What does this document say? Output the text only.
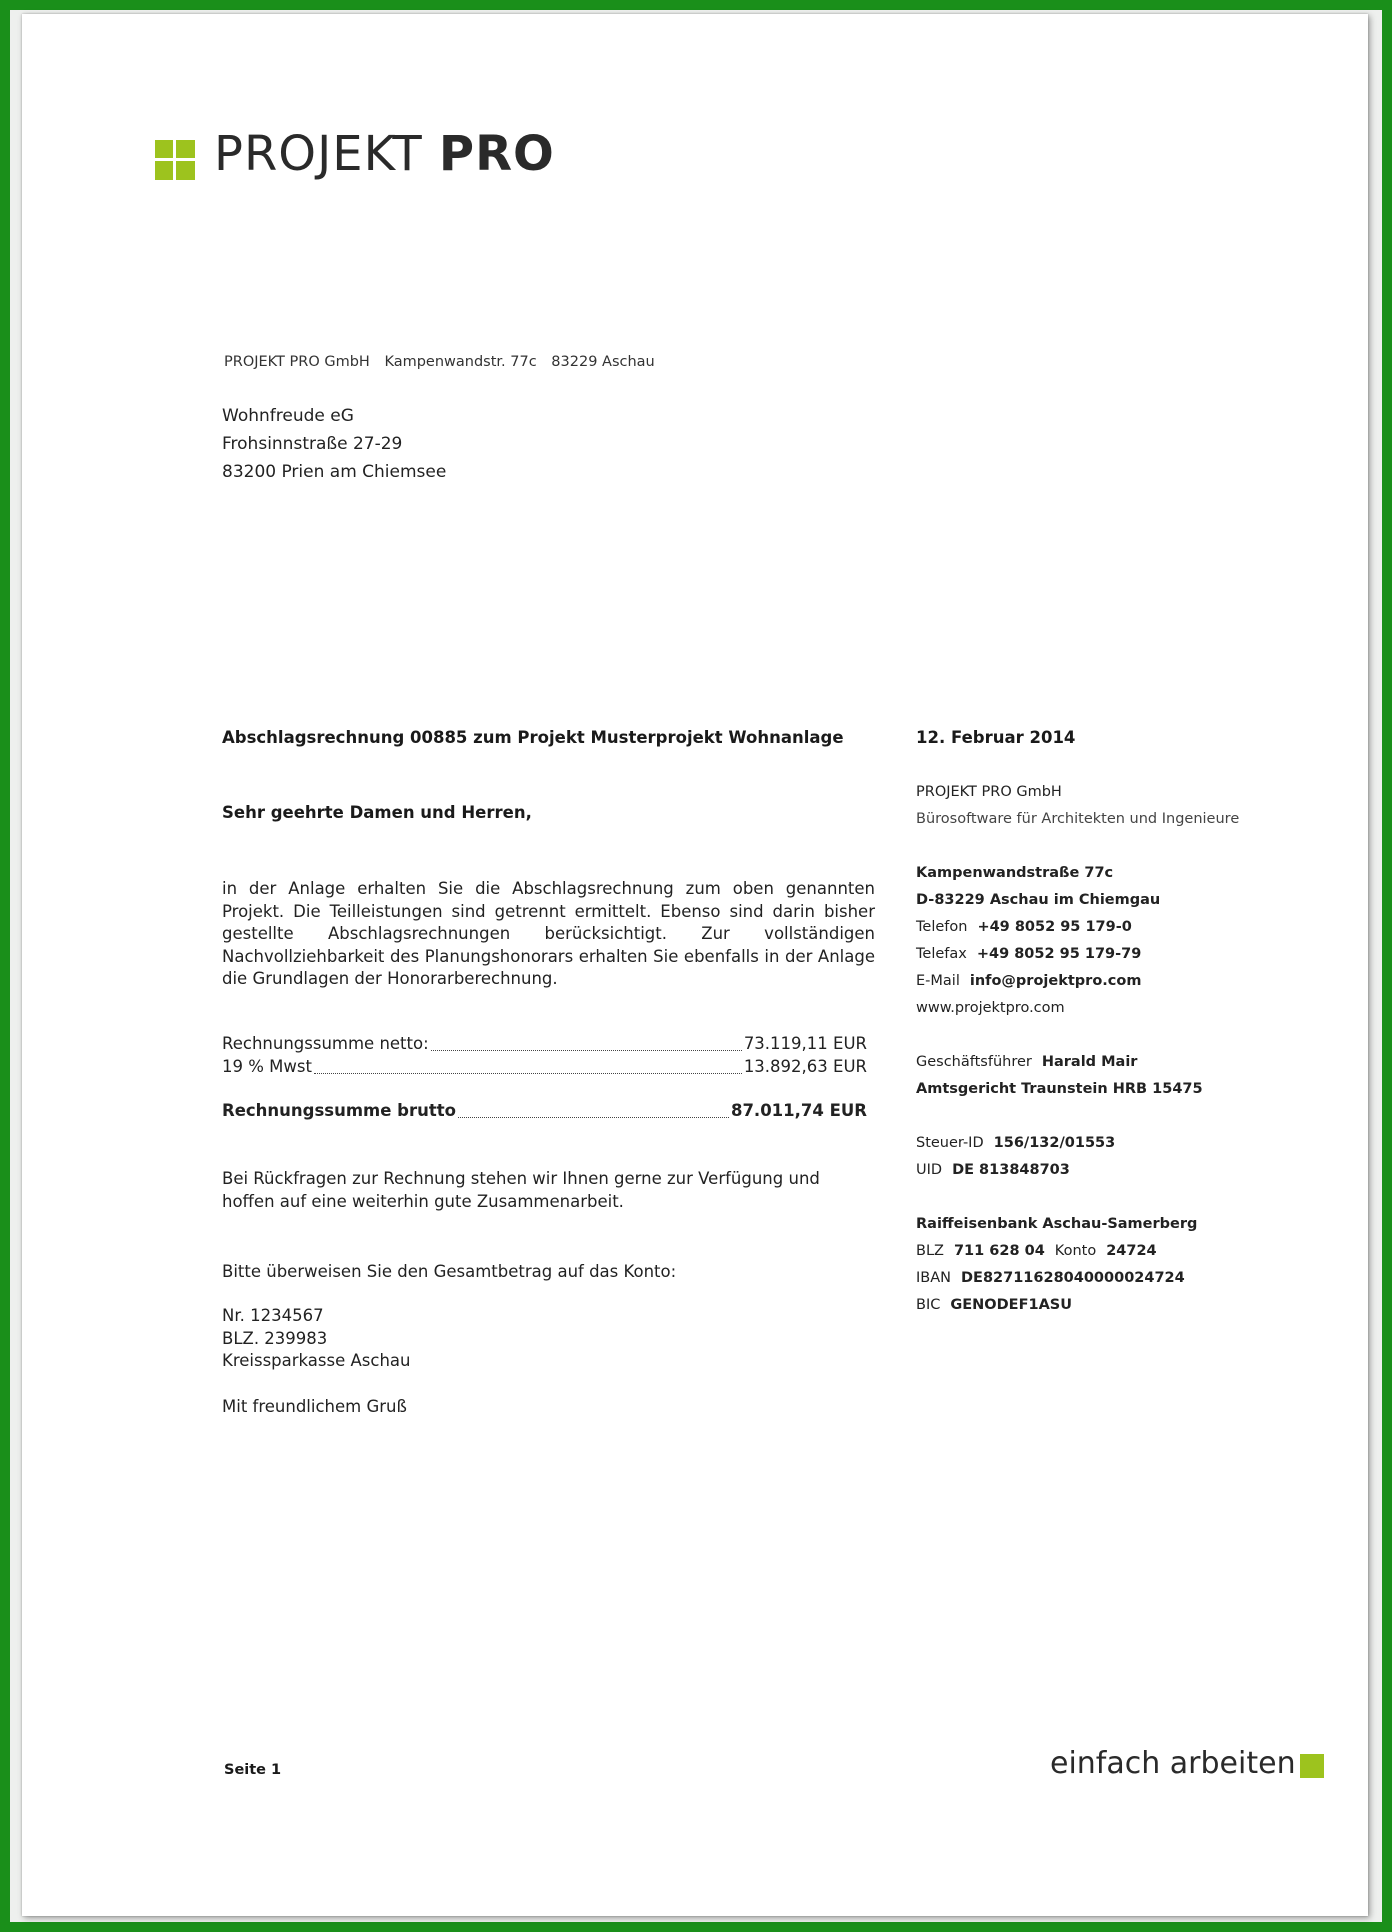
PROJEKT PRO
PROJEKT PRO GmbH Kampenwandstr. 77c 83229 Aschau
Wohnfreude eG
Frohsinnstraße 27-29
83200 Prien am Chiemsee
Abschlagsrechnung 00885 zum Projekt Musterprojekt Wohnanlage	12. Februar 2014
Sehr geehrte Damen und Herren,
in der Anlage erhalten Sie die Abschlagsrechnung zum oben genannten Projekt. Die Teilleistungen sind getrennt ermittelt. Ebenso sind darin bisher gestellte Abschlagsrechnungen berücksichtigt. Zur vollständigen Nachvollziehbarkeit des Planungshonorars erhalten Sie ebenfalls in der Anlage die Grundlagen der Honorarberechnung.
Rechnungssumme netto:	73.119,11 EUR
19 % Mwst	13.892,63 EUR
Rechnungssumme brutto	87.011,74 EUR
Bei Rückfragen zur Rechnung stehen wir Ihnen gerne zur Verfügung und hoffen auf eine weiterhin gute Zusammenarbeit.
Bitte überweisen Sie den Gesamtbetrag auf das Konto:
Nr. 1234567
BLZ. 239983
Kreissparkasse Aschau
Mit freundlichem Gruß
PROJEKT PRO GmbH
Bürosoftware für Architekten und Ingenieure
Kampenwandstraße 77c
D-83229 Aschau im Chiemgau
Telefon +49 8052 95 179-0
Telefax +49 8052 95 179-79
E-Mail info@projektpro.com
www.projektpro.com
Geschäftsführer Harald Mair
Amtsgericht Traunstein HRB 15475
Steuer-ID 156/132/01553
UID DE 813848703
Raiffeisenbank Aschau-Samerberg
BLZ 711 628 04 Konto 24724
IBAN DE82711628040000024724
BIC GENODEF1ASU
Seite 1	einfach arbeiten
